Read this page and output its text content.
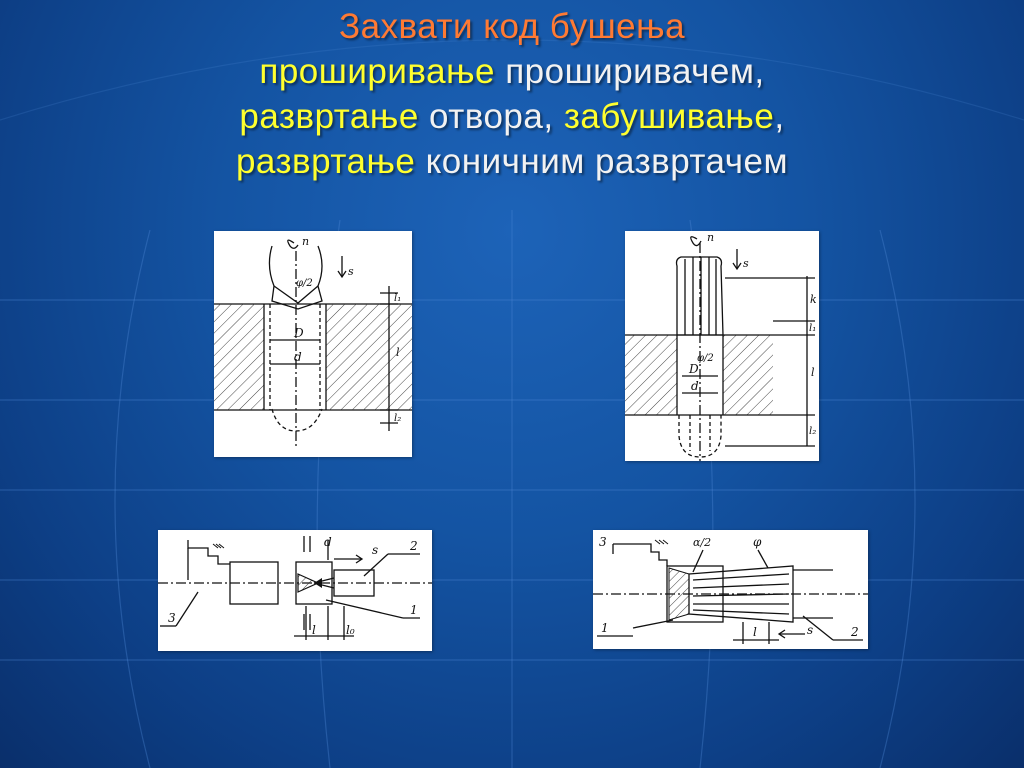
Захвати код бушења
проширивање проширивачем,
развртање отвора, забушивање,
развртање коничним развртачем
n
s
l₁
l
l₂
D
d
φ/2
n
s
k
l₁
l
l₂
D
d
φ/2
d
s	2
3
1
l	l₀
3	α/2	φ
1	l	s	2
